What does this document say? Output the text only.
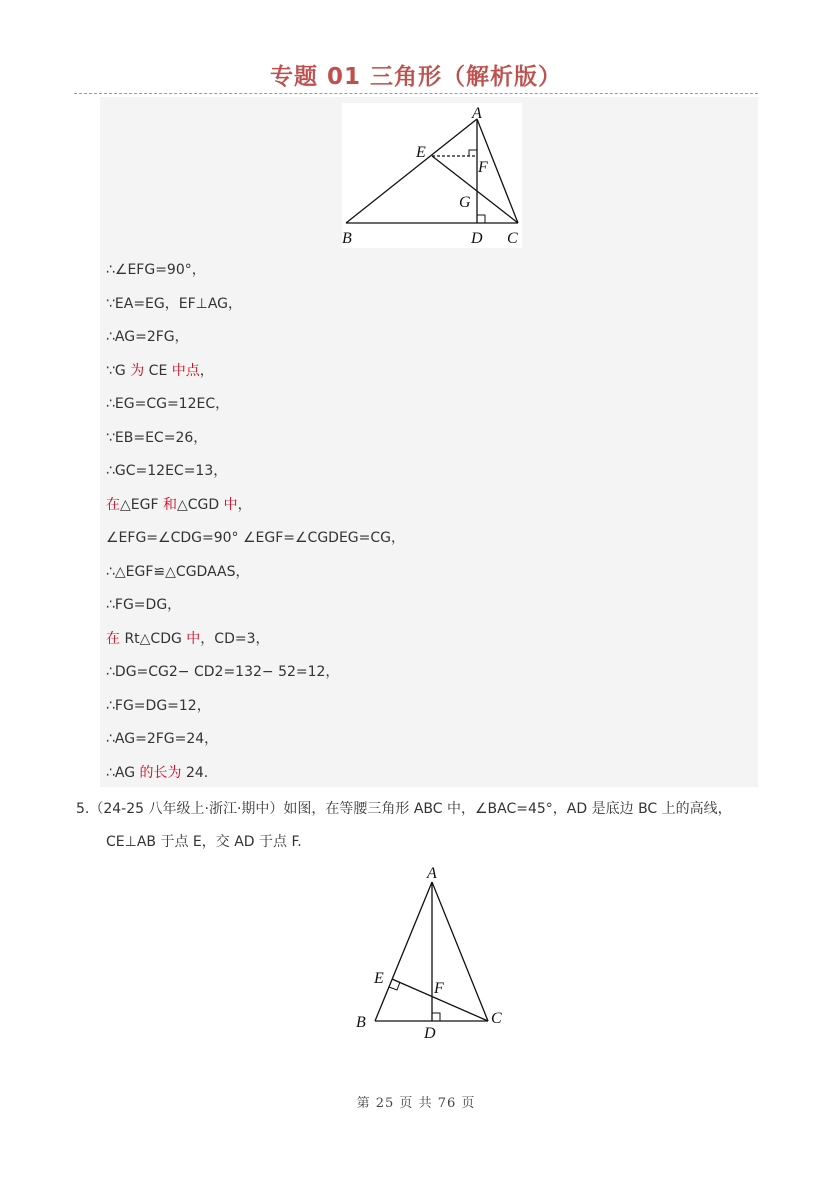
专题 01 三角形（解析版）
A
E
F
G
B	D C
∴∠EFG=90°，
∵EA=EG，EF⊥AG，
∴AG=2FG，
∵G 为 CE 中点，
∴EG=CG=12EC，
∵EB=EC=26，
∴GC=12EC=13，
在△EGF 和△CGD 中，
∠EFG=∠CDG=90° ∠EGF=∠CGDEG=CG，
∴△EGF≌△CGDAAS，
∴FG=DG，
在 Rt△CDG 中，CD=3，
∴DG=CG2− CD2=132− 52=12，
∴FG=DG=12，
∴AG=2FG=24，
∴AG 的长为 24.
5.（24-25 八年级上·浙江·期中）如图，在等腰三角形 ABC 中，∠BAC=45°，AD 是底边 BC 上的高线，
CE⊥AB 于点 E，交 AD 于点 F.
A
E
F
B
D
C
第 25 页 共 76 页
